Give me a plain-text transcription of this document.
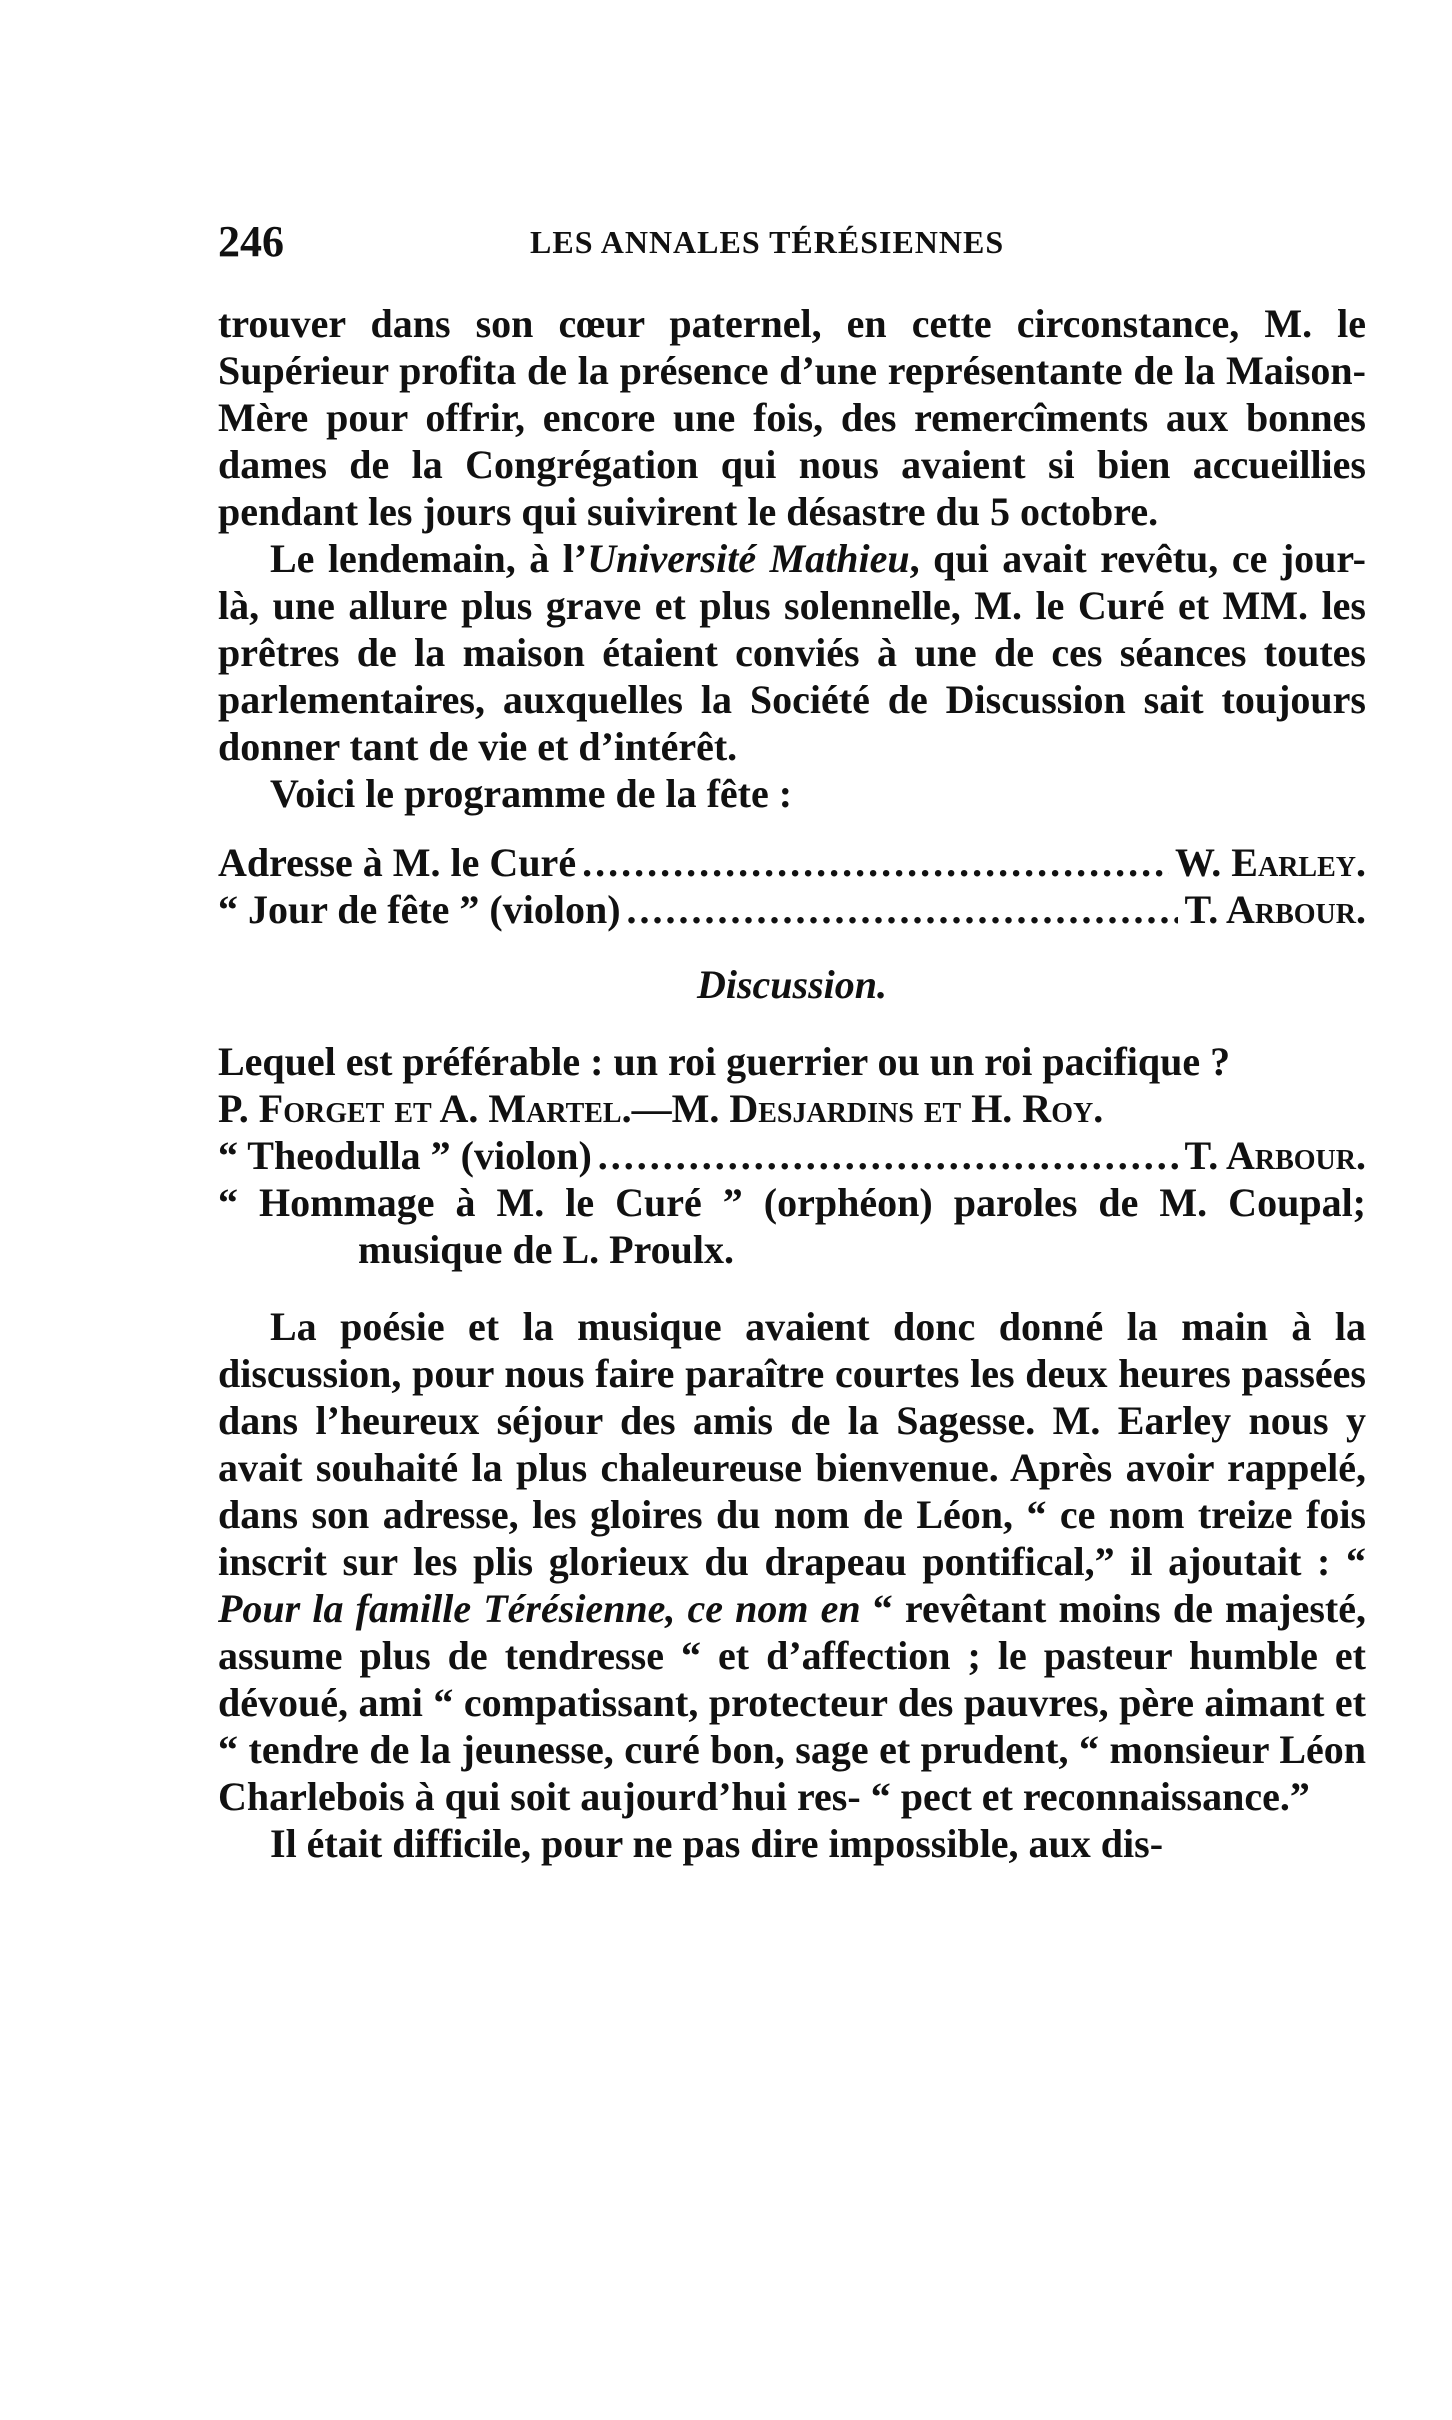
246	LES ANNALES TÉRÉSIENNES

trouver dans son cœur paternel, en cette circonstance, M. le Supérieur profita de la présence d’une représentante de la Maison-Mère pour offrir, encore une fois, des remercîments aux bonnes dames de la Congrégation qui nous avaient si bien accueillies pendant les jours qui suivirent le désastre du 5 octobre.

Le lendemain, à l’Université Mathieu, qui avait revêtu, ce jour-là, une allure plus grave et plus solennelle, M. le Curé et MM. les prêtres de la maison étaient conviés à une de ces séances toutes parlementaires, auxquelles la Société de Discussion sait toujours donner tant de vie et d’intérêt.

Voici le programme de la fête :

Adresse à M. le Curé .....	W. Earley.
“ Jour de fête ” (violon) .....	T. Arbour.
Discussion.
Lequel est préférable : un roi guerrier ou un roi pacifique ?
P. Forget et A. Martel.—M. Desjardins et H. Roy.
“ Theodulla ” (violon) .....	T. Arbour.
“ Hommage à M. le Curé ” (orphéon) paroles de M. Coupal; musique de L. Proulx.

La poésie et la musique avaient donc donné la main à la discussion, pour nous faire paraître courtes les deux heures passées dans l’heureux séjour des amis de la Sagesse. M. Earley nous y avait souhaité la plus chaleureuse bienvenue. Après avoir rappelé, dans son adresse, les gloires du nom de Léon, “ ce nom treize fois inscrit sur les plis glorieux du drapeau pontifical,” il ajoutait : “ Pour la famille Térésienne, ce nom en “ revêtant moins de majesté, assume plus de tendresse “ et d’affection ; le pasteur humble et dévoué, ami “ compatissant, protecteur des pauvres, père aimant et “ tendre de la jeunesse, curé bon, sage et prudent, “ monsieur Léon Charlebois à qui soit aujourd’hui res- “ pect et reconnaissance.”

Il était difficile, pour ne pas dire impossible, aux dis-
